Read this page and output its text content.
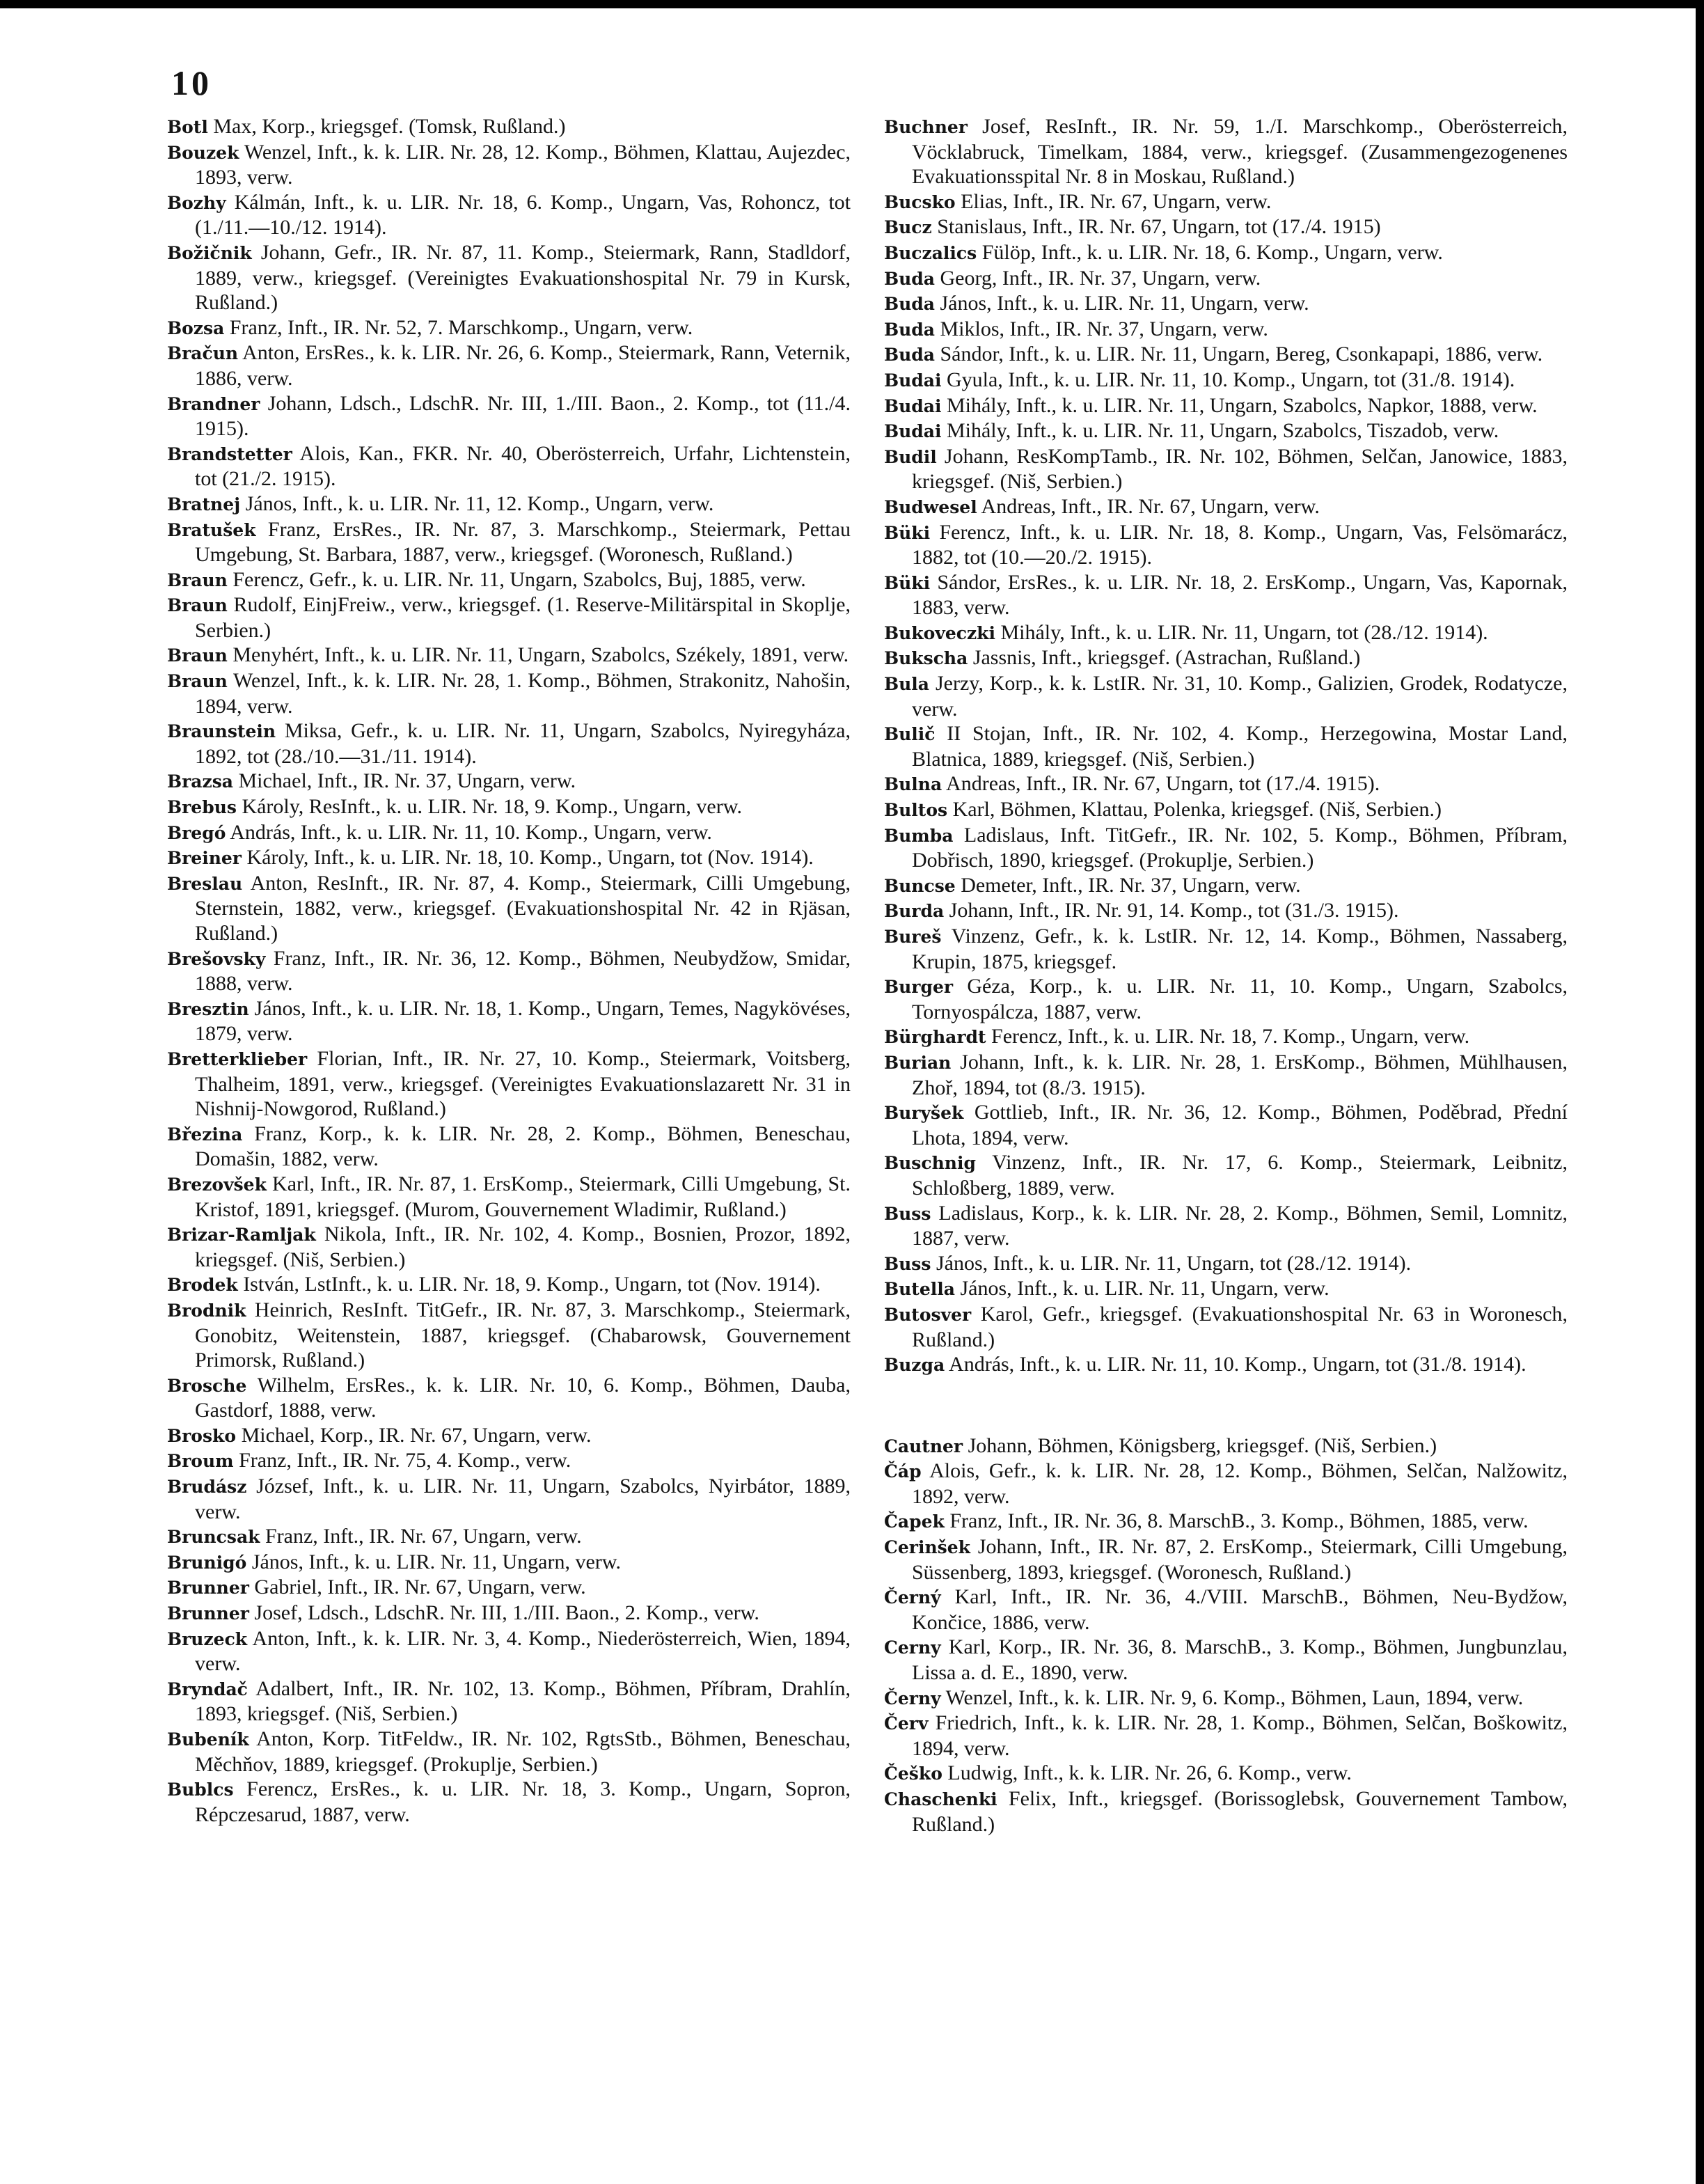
10

Botl Max, Korp., kriegsgef. (Tomsk, Rußland.)

Bouzek Wenzel, Inft., k. k. LIR. Nr. 28, 12. Komp., Böhmen, Klattau, Aujezdec, 1893, verw.

Bozhy Kálmán, Inft., k. u. LIR. Nr. 18, 6. Komp., Ungarn, Vas, Rohoncz, tot (1./11.—10./12. 1914).

Božičnik Johann, Gefr., IR. Nr. 87, 11. Komp., Steiermark, Rann, Stadldorf, 1889, verw., kriegsgef. (Vereinigtes Evakuationshospital Nr. 79 in Kursk, Rußland.)

Bozsa Franz, Inft., IR. Nr. 52, 7. Marschkomp., Ungarn, verw.

Bračun Anton, ErsRes., k. k. LIR. Nr. 26, 6. Komp., Steiermark, Rann, Veternik, 1886, verw.

Brandner Johann, Ldsch., LdschR. Nr. III, 1./III. Baon., 2. Komp., tot (11./4. 1915).

Brandstetter Alois, Kan., FKR. Nr. 40, Oberösterreich, Urfahr, Lichtenstein, tot (21./2. 1915).

Bratnej János, Inft., k. u. LIR. Nr. 11, 12. Komp., Ungarn, verw.

Bratušek Franz, ErsRes., IR. Nr. 87, 3. Marschkomp., Steiermark, Pettau Umgebung, St. Barbara, 1887, verw., kriegsgef. (Woronesch, Rußland.)

Braun Ferencz, Gefr., k. u. LIR. Nr. 11, Ungarn, Szabolcs, Buj, 1885, verw.

Braun Rudolf, EinjFreiw., verw., kriegsgef. (1. Reserve-Militärspital in Skoplje, Serbien.)

Braun Menyhért, Inft., k. u. LIR. Nr. 11, Ungarn, Szabolcs, Székely, 1891, verw.

Braun Wenzel, Inft., k. k. LIR. Nr. 28, 1. Komp., Böhmen, Strakonitz, Nahošin, 1894, verw.

Braunstein Miksa, Gefr., k. u. LIR. Nr. 11, Ungarn, Szabolcs, Nyiregyháza, 1892, tot (28./10.—31./11. 1914).

Brazsa Michael, Inft., IR. Nr. 37, Ungarn, verw.

Brebus Károly, ResInft., k. u. LIR. Nr. 18, 9. Komp., Ungarn, verw.

Bregó András, Inft., k. u. LIR. Nr. 11, 10. Komp., Ungarn, verw.

Breiner Károly, Inft., k. u. LIR. Nr. 18, 10. Komp., Ungarn, tot (Nov. 1914).

Breslau Anton, ResInft., IR. Nr. 87, 4. Komp., Steiermark, Cilli Umgebung, Sternstein, 1882, verw., kriegsgef. (Evakuationshospital Nr. 42 in Rjäsan, Rußland.)

Brešovsky Franz, Inft., IR. Nr. 36, 12. Komp., Böhmen, Neubydžow, Smidar, 1888, verw.

Bresztin János, Inft., k. u. LIR. Nr. 18, 1. Komp., Ungarn, Temes, Nagykövéses, 1879, verw.

Bretterklieber Florian, Inft., IR. Nr. 27, 10. Komp., Steiermark, Voitsberg, Thalheim, 1891, verw., kriegsgef. (Vereinigtes Evakuationslazarett Nr. 31 in Nishnij-Nowgorod, Rußland.)

Březina Franz, Korp., k. k. LIR. Nr. 28, 2. Komp., Böhmen, Beneschau, Domašin, 1882, verw.

Brezovšek Karl, Inft., IR. Nr. 87, 1. ErsKomp., Steiermark, Cilli Umgebung, St. Kristof, 1891, kriegsgef. (Murom, Gouvernement Wladimir, Rußland.)

Brizar-Ramljak Nikola, Inft., IR. Nr. 102, 4. Komp., Bosnien, Prozor, 1892, kriegsgef. (Niš, Serbien.)

Brodek István, LstInft., k. u. LIR. Nr. 18, 9. Komp., Ungarn, tot (Nov. 1914).

Brodnik Heinrich, ResInft. TitGefr., IR. Nr. 87, 3. Marschkomp., Steiermark, Gonobitz, Weitenstein, 1887, kriegsgef. (Chabarowsk, Gouvernement Primorsk, Rußland.)

Brosche Wilhelm, ErsRes., k. k. LIR. Nr. 10, 6. Komp., Böhmen, Dauba, Gastdorf, 1888, verw.

Brosko Michael, Korp., IR. Nr. 67, Ungarn, verw.

Broum Franz, Inft., IR. Nr. 75, 4. Komp., verw.

Brudász József, Inft., k. u. LIR. Nr. 11, Ungarn, Szabolcs, Nyirbátor, 1889, verw.

Bruncsak Franz, Inft., IR. Nr. 67, Ungarn, verw.

Brunigó János, Inft., k. u. LIR. Nr. 11, Ungarn, verw.

Brunner Gabriel, Inft., IR. Nr. 67, Ungarn, verw.

Brunner Josef, Ldsch., LdschR. Nr. III, 1./III. Baon., 2. Komp., verw.

Bruzeck Anton, Inft., k. k. LIR. Nr. 3, 4. Komp., Niederösterreich, Wien, 1894, verw.

Bryndač Adalbert, Inft., IR. Nr. 102, 13. Komp., Böhmen, Příbram, Drahlín, 1893, kriegsgef. (Niš, Serbien.)

Bubeník Anton, Korp. TitFeldw., IR. Nr. 102, RgtsStb., Böhmen, Beneschau, Měchňov, 1889, kriegsgef. (Prokuplje, Serbien.)

Bublcs Ferencz, ErsRes., k. u. LIR. Nr. 18, 3. Komp., Ungarn, Sopron, Répczesarud, 1887, verw.

Buchner Josef, ResInft., IR. Nr. 59, 1./I. Marschkomp., Oberösterreich, Vöcklabruck, Timelkam, 1884, verw., kriegsgef. (Zusammengezogenenes Evakuationsspital Nr. 8 in Moskau, Rußland.)

Bucsko Elias, Inft., IR. Nr. 67, Ungarn, verw.

Bucz Stanislaus, Inft., IR. Nr. 67, Ungarn, tot (17./4. 1915)

Buczalics Fülöp, Inft., k. u. LIR. Nr. 18, 6. Komp., Ungarn, verw.

Buda Georg, Inft., IR. Nr. 37, Ungarn, verw.

Buda János, Inft., k. u. LIR. Nr. 11, Ungarn, verw.

Buda Miklos, Inft., IR. Nr. 37, Ungarn, verw.

Buda Sándor, Inft., k. u. LIR. Nr. 11, Ungarn, Bereg, Csonkapapi, 1886, verw.

Budai Gyula, Inft., k. u. LIR. Nr. 11, 10. Komp., Ungarn, tot (31./8. 1914).

Budai Mihály, Inft., k. u. LIR. Nr. 11, Ungarn, Szabolcs, Napkor, 1888, verw.

Budai Mihály, Inft., k. u. LIR. Nr. 11, Ungarn, Szabolcs, Tiszadob, verw.

Budil Johann, ResKompTamb., IR. Nr. 102, Böhmen, Selčan, Janowice, 1883, kriegsgef. (Niš, Serbien.)

Budwesel Andreas, Inft., IR. Nr. 67, Ungarn, verw.

Büki Ferencz, Inft., k. u. LIR. Nr. 18, 8. Komp., Ungarn, Vas, Felsömarácz, 1882, tot (10.—20./2. 1915).

Büki Sándor, ErsRes., k. u. LIR. Nr. 18, 2. ErsKomp., Ungarn, Vas, Kapornak, 1883, verw.

Bukoveczki Mihály, Inft., k. u. LIR. Nr. 11, Ungarn, tot (28./12. 1914).

Bukscha Jassnis, Inft., kriegsgef. (Astrachan, Rußland.)

Bula Jerzy, Korp., k. k. LstIR. Nr. 31, 10. Komp., Galizien, Grodek, Rodatycze, verw.

Bulič II Stojan, Inft., IR. Nr. 102, 4. Komp., Herzegowina, Mostar Land, Blatnica, 1889, kriegsgef. (Niš, Serbien.)

Bulna Andreas, Inft., IR. Nr. 67, Ungarn, tot (17./4. 1915).

Bultos Karl, Böhmen, Klattau, Polenka, kriegsgef. (Niš, Serbien.)

Bumba Ladislaus, Inft. TitGefr., IR. Nr. 102, 5. Komp., Böhmen, Příbram, Dobřisch, 1890, kriegsgef. (Prokuplje, Serbien.)

Buncse Demeter, Inft., IR. Nr. 37, Ungarn, verw.

Burda Johann, Inft., IR. Nr. 91, 14. Komp., tot (31./3. 1915).

Bureš Vinzenz, Gefr., k. k. LstIR. Nr. 12, 14. Komp., Böhmen, Nassaberg, Krupin, 1875, kriegsgef.

Burger Géza, Korp., k. u. LIR. Nr. 11, 10. Komp., Ungarn, Szabolcs, Tornyospálcza, 1887, verw.

Bürghardt Ferencz, Inft., k. u. LIR. Nr. 18, 7. Komp., Ungarn, verw.

Burian Johann, Inft., k. k. LIR. Nr. 28, 1. ErsKomp., Böhmen, Mühlhausen, Zhoř, 1894, tot (8./3. 1915).

Buryšek Gottlieb, Inft., IR. Nr. 36, 12. Komp., Böhmen, Poděbrad, Přední Lhota, 1894, verw.

Buschnig Vinzenz, Inft., IR. Nr. 17, 6. Komp., Steiermark, Leibnitz, Schloßberg, 1889, verw.

Buss Ladislaus, Korp., k. k. LIR. Nr. 28, 2. Komp., Böhmen, Semil, Lomnitz, 1887, verw.

Buss János, Inft., k. u. LIR. Nr. 11, Ungarn, tot (28./12. 1914).

Butella János, Inft., k. u. LIR. Nr. 11, Ungarn, verw.

Butosver Karol, Gefr., kriegsgef. (Evakuationshospital Nr. 63 in Woronesch, Rußland.)

Buzga András, Inft., k. u. LIR. Nr. 11, 10. Komp., Ungarn, tot (31./8. 1914).

Cautner Johann, Böhmen, Königsberg, kriegsgef. (Niš, Serbien.)

Čáp Alois, Gefr., k. k. LIR. Nr. 28, 12. Komp., Böhmen, Selčan, Nalžowitz, 1892, verw.

Čapek Franz, Inft., IR. Nr. 36, 8. MarschB., 3. Komp., Böhmen, 1885, verw.

Cerinšek Johann, Inft., IR. Nr. 87, 2. ErsKomp., Steiermark, Cilli Umgebung, Süssenberg, 1893, kriegsgef. (Woronesch, Rußland.)

Černý Karl, Inft., IR. Nr. 36, 4./VIII. MarschB., Böhmen, Neu-Bydžow, Končice, 1886, verw.

Cerny Karl, Korp., IR. Nr. 36, 8. MarschB., 3. Komp., Böhmen, Jungbunzlau, Lissa a. d. E., 1890, verw.

Černy Wenzel, Inft., k. k. LIR. Nr. 9, 6. Komp., Böhmen, Laun, 1894, verw.

Červ Friedrich, Inft., k. k. LIR. Nr. 28, 1. Komp., Böhmen, Selčan, Boškowitz, 1894, verw.

Češko Ludwig, Inft., k. k. LIR. Nr. 26, 6. Komp., verw.

Chaschenki Felix, Inft., kriegsgef. (Borissoglebsk, Gouvernement Tambow, Rußland.)
